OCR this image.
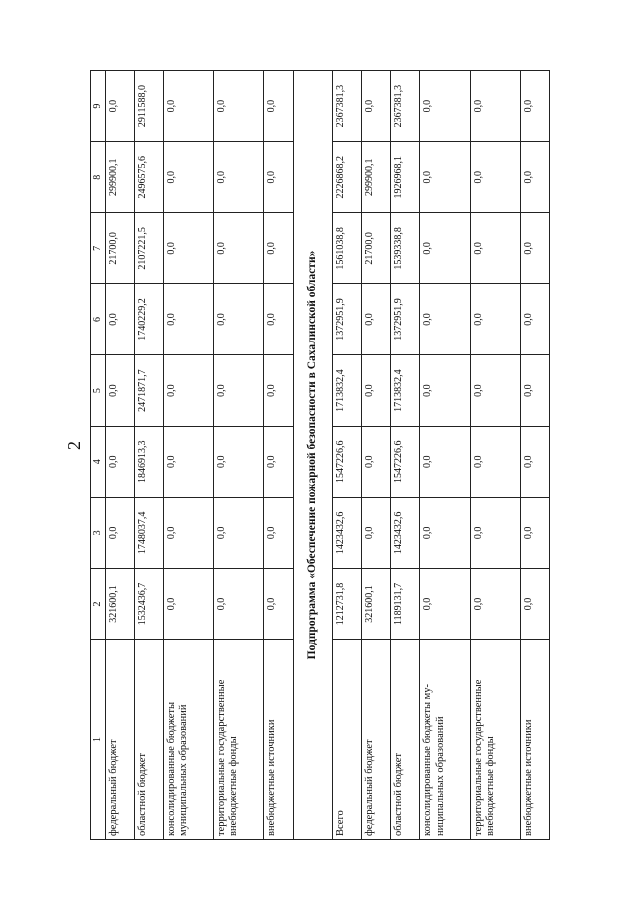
2
1	2	3	4	5	6	7	8	9
федеральный бюджет	321600,1	0,0	0,0	0,0	0,0	21700,0	299900,1	0,0
областной бюджет	1532436,7	1748037,4	1846913,3	2471871,7	1740229,2	2107221,5	2496575,6	2911588,0
консолидированные бюджеты муниципальных образований	0,0	0,0	0,0	0,0	0,0	0,0	0,0	0,0
территориальные государственные внебюджетные фонды	0,0	0,0	0,0	0,0	0,0	0,0	0,0	0,0
внебюджетные источники	0,0	0,0	0,0	0,0	0,0	0,0	0,0	0,0
Подпрограмма «Обеспечение пожарной безопасности в Сахалинской области»								
Всего	1212731,8	1423432,6	1547226,6	1713832,4	1372951,9	1561038,8	2226868,2	2367381,3
федеральный бюджет	321600,1	0,0	0,0	0,0	0,0	21700,0	299900,1	0,0
областной бюджет	1189131,7	1423432,6	1547226,6	1713832,4	1372951,9	1539338,8	1926968,1	2367381,3
консолидированные бюджеты му-ниципальных образований	0,0	0,0	0,0	0,0	0,0	0,0	0,0	0,0
территориальные государственные внебюджетные фонды	0,0	0,0	0,0	0,0	0,0	0,0	0,0	0,0
внебюджетные источники	0,0	0,0	0,0	0,0	0,0	0,0	0,0	0,0
